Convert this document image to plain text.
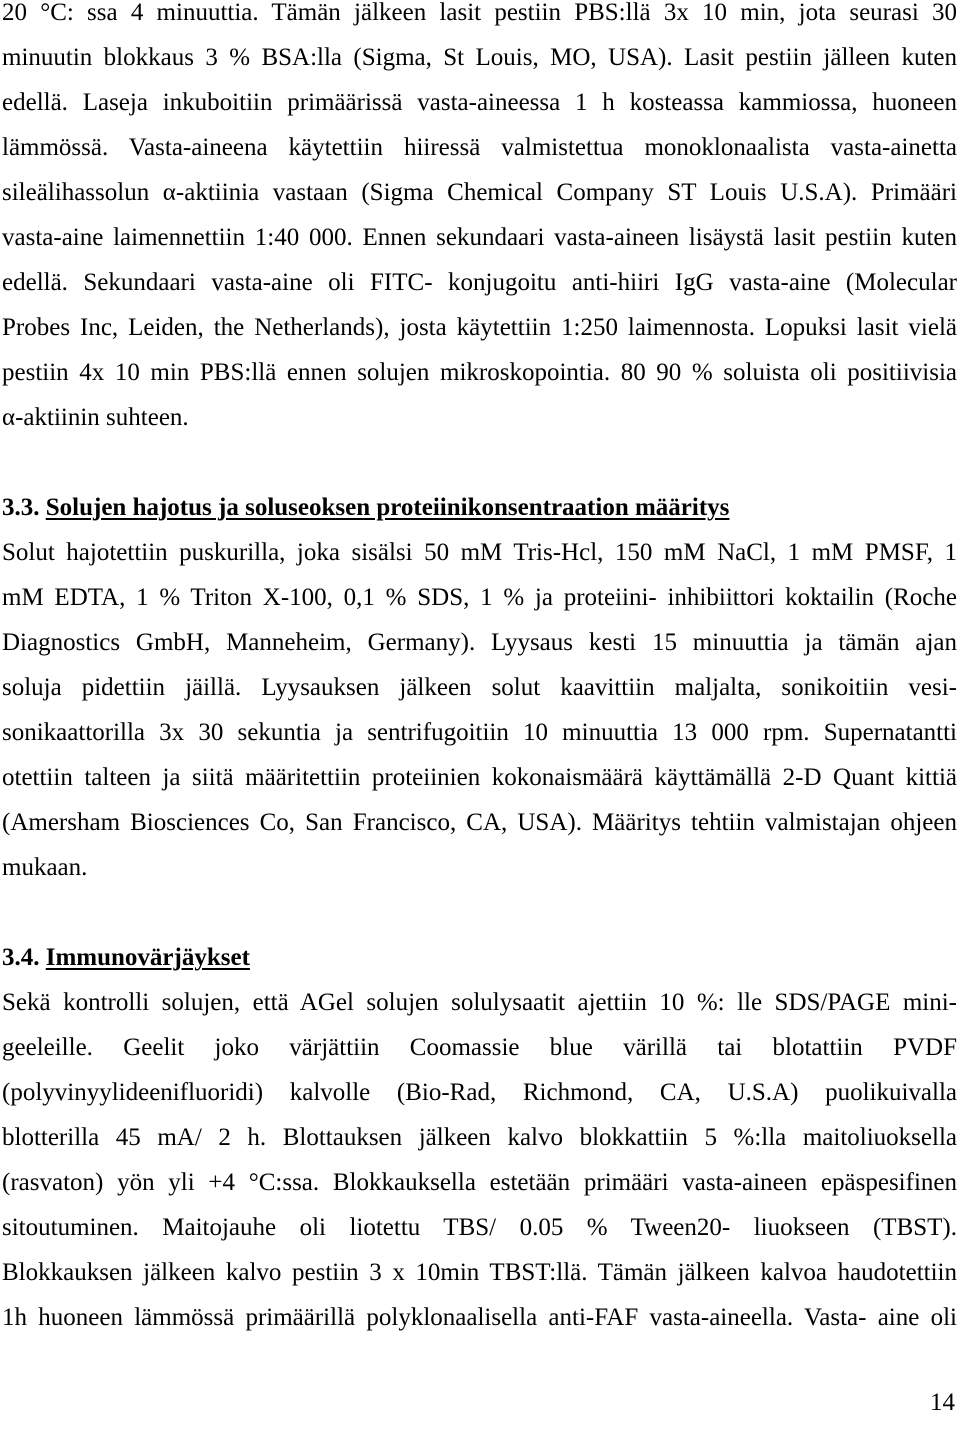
20 °C: ssa 4 minuuttia. Tämän jälkeen lasit pestiin PBS:llä 3x 10 min, jota seurasi 30
minuutin blokkaus 3 % BSA:lla (Sigma, St Louis, MO, USA). Lasit pestiin jälleen kuten
edellä. Laseja inkuboitiin primäärissä vasta-aineessa 1 h kosteassa kammiossa, huoneen
lämmössä. Vasta-aineena käytettiin hiiressä valmistettua monoklonaalista vasta-ainetta
sileälihassolun α-aktiinia vastaan (Sigma Chemical Company ST Louis U.S.A). Primääri
vasta-aine laimennettiin 1:40 000. Ennen sekundaari vasta-aineen lisäystä lasit pestiin kuten
edellä. Sekundaari vasta-aine oli FITC- konjugoitu anti-hiiri IgG vasta-aine (Molecular
Probes Inc, Leiden, the Netherlands), josta käytettiin 1:250 laimennosta. Lopuksi lasit vielä
pestiin 4x 10 min PBS:llä ennen solujen mikroskopointia. 80 90 % soluista oli positiivisia
α-aktiinin suhteen.
3.3. Solujen hajotus ja soluseoksen proteiinikonsentraation määritys
Solut hajotettiin puskurilla, joka sisälsi 50 mM Tris-Hcl, 150 mM NaCl, 1 mM PMSF, 1
mM EDTA, 1 % Triton X-100, 0,1 % SDS, 1 % ja proteiini- inhibiittori koktailin (Roche
Diagnostics GmbH, Manneheim, Germany). Lyysaus kesti 15 minuuttia ja tämän ajan
soluja pidettiin jäillä. Lyysauksen jälkeen solut kaavittiin maljalta, sonikoitiin vesi-
sonikaattorilla 3x 30 sekuntia ja sentrifugoitiin 10 minuuttia 13 000 rpm. Supernatantti
otettiin talteen ja siitä määritettiin proteiinien kokonaismäärä käyttämällä 2-D Quant kittiä
(Amersham Biosciences Co, San Francisco, CA, USA). Määritys tehtiin valmistajan ohjeen
mukaan.
3.4. Immunovärjäykset
Sekä kontrolli solujen, että AGel solujen solulysaatit ajettiin 10 %: lle SDS/PAGE mini-
geeleille. Geelit joko värjättiin Coomassie blue värillä tai blotattiin PVDF
(polyvinyylideenifluoridi) kalvolle (Bio-Rad, Richmond, CA, U.S.A) puolikuivalla
blotterilla 45 mA/ 2 h. Blottauksen jälkeen kalvo blokkattiin 5 %:lla maitoliuoksella
(rasvaton) yön yli +4 °C:ssa. Blokkauksella estetään primääri vasta-aineen epäspesifinen
sitoutuminen. Maitojauhe oli liotettu TBS/ 0.05 % Tween20- liuokseen (TBST).
Blokkauksen jälkeen kalvo pestiin 3 x 10min TBST:llä. Tämän jälkeen kalvoa haudotettiin
1h huoneen lämmössä primäärillä polyklonaalisella anti-FAF vasta-aineella. Vasta- aine oli
14
